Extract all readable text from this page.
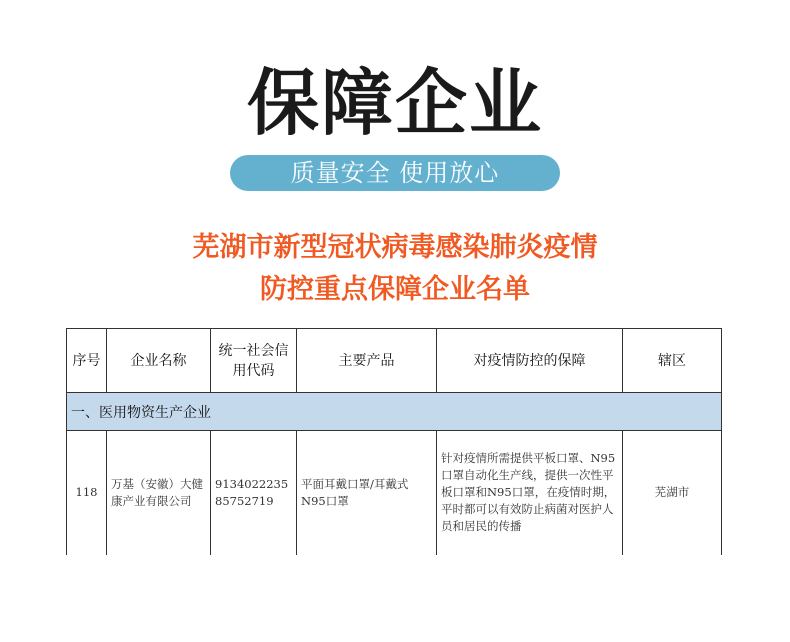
保障企业
质量安全 使用放心
芜湖市新型冠状病毒感染肺炎疫情
防控重点保障企业名单
序号	企业名称	统一社会信用代码	主要产品	对疫情防控的保障	辖区
一、医用物资生产企业					
118	万基（安徽）大健康产业有限公司	913402223585752719	平面耳戴口罩/耳戴式N95口罩	针对疫情所需提供平板口罩、N95口罩自动化生产线，提供一次性平板口罩和N95口罩，在疫情时期，平时都可以有效防止病菌对医护人员和居民的传播	芜湖市
